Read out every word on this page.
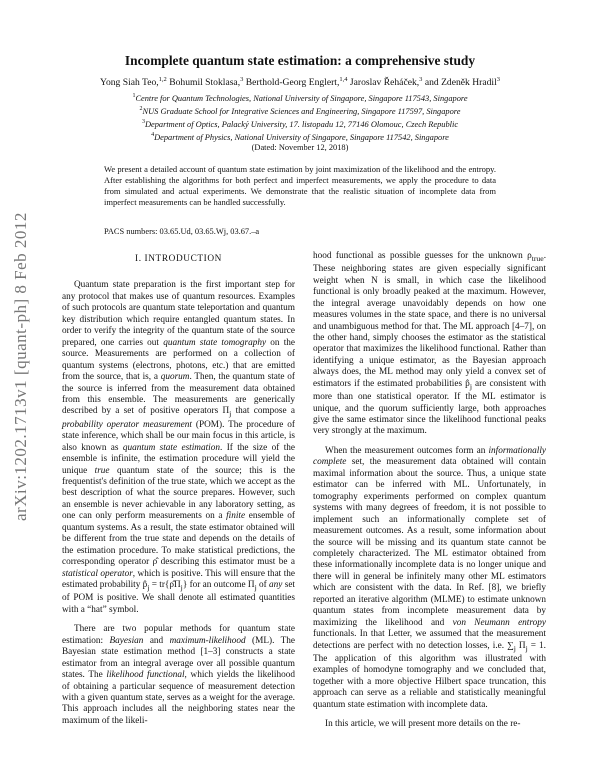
arXiv:1202.1713v1 [quant-ph] 8 Feb 2012
Incomplete quantum state estimation: a comprehensive study
Yong Siah Teo,$^{1,2}$ Bohumil Stoklasa,$^3$ Berthold-Georg Englert,$^{1,4}$ Jaroslav Řeháček,$^3$ and Zdeněk Hradil$^3$
$^1$Centre for Quantum Technologies, National University of Singapore, Singapore 117543, Singapore
$^2$NUS Graduate School for Integrative Sciences and Engineering, Singapore 117597, Singapore
$^3$Department of Optics, Palacký University, 17. listopadu 12, 77146 Olomouc, Czech Republic
$^4$Department of Physics, National University of Singapore, Singapore 117542, Singapore
(Dated: November 12, 2018)

We present a detailed account of quantum state estimation by joint maximization of the likelihood and the entropy. After establishing the algorithms for both perfect and imperfect measurements, we apply the procedure to data from simulated and actual experiments. We demonstrate that the realistic situation of incomplete data from imperfect measurements can be handled successfully.

PACS numbers: 03.65.Ud, 03.65.Wj, 03.67.–a
I. INTRODUCTION

Quantum state preparation is the first important step for any protocol that makes use of quantum resources. Examples of such protocols are quantum state teleportation and quantum key distribution which require entangled quantum states. In order to verify the integrity of the quantum state of the source prepared, one carries out quantum state tomography on the source. Measurements are performed on a collection of quantum systems (electrons, photons, etc.) that are emitted from the source, that is, a quorum. Then, the quantum state of the source is inferred from the measurement data obtained from this ensemble. The measurements are generically described by a set of positive operators $\Pi_j$ that compose a probability operator measurement (POM). The procedure of state inference, which shall be our main focus in this article, is also known as quantum state estimation. If the size of the ensemble is infinite, the estimation procedure will yield the unique true quantum state of the source; this is the frequentist's definition of the true state, which we accept as the best description of what the source prepares. However, such an ensemble is never achievable in any laboratory setting, as one can only perform measurements on a finite ensemble of quantum systems. As a result, the state estimator obtained will be different from the true state and depends on the details of the estimation procedure. To make statistical predictions, the corresponding operator ρ̂ describing this estimator must be a statistical operator, which is positive. This will ensure that the estimated probability $p̂_j$ = $tr\{\rhô\Pi_j\}$ for an outcome $\Pi_j$ of any set of POM is positive. We shall denote all estimated quantities with a “hat” symbol.

There are two popular methods for quantum state estimation: Bayesian and maximum-likelihood (ML). The Bayesian state estimation method [1–3] constructs a state estimator from an integral average over all possible quantum states. The likelihood functional, which yields the likelihood of obtaining a particular sequence of measurement detection with a given quantum state, serves as a weight for the average. This approach includes all the neighboring states near the maximum of the likeli-

hood functional as possible guesses for the unknown $\rho_{true}$. These neighboring states are given especially significant weight when N is small, in which case the likelihood functional is only broadly peaked at the maximum. However, the integral average unavoidably depends on how one measures volumes in the state space, and there is no universal and unambiguous method for that. The ML approach [4–7], on the other hand, simply chooses the estimator as the statistical operator that maximizes the likelihood functional. Rather than identifying a unique estimator, as the Bayesian approach always does, the ML method may only yield a convex set of estimators if the estimated probabilities $p̂_j$ are consistent with more than one statistical operator. If the ML estimator is unique, and the quorum sufficiently large, both approaches give the same estimator since the likelihood functional peaks very strongly at the maximum.

When the measurement outcomes form an informationally complete set, the measurement data obtained will contain maximal information about the source. Thus, a unique state estimator can be inferred with ML. Unfortunately, in tomography experiments performed on complex quantum systems with many degrees of freedom, it is not possible to implement such an informationally complete set of measurement outcomes. As a result, some information about the source will be missing and its quantum state cannot be completely characterized. The ML estimator obtained from these informationally incomplete data is no longer unique and there will in general be infinitely many other ML estimators which are consistent with the data. In Ref. [8], we briefly reported an iterative algorithm (MLME) to estimate unknown quantum states from incomplete measurement data by maximizing the likelihood and von Neumann entropy functionals. In that Letter, we assumed that the measurement detections are perfect with no detection losses, i.e. $\sum_j$ $\Pi_j = 1$. The application of this algorithm was illustrated with examples of homodyne tomography and we concluded that, together with a more objective Hilbert space truncation, this approach can serve as a reliable and statistically meaningful quantum state estimation with incomplete data.

In this article, we will present more details on the re-
